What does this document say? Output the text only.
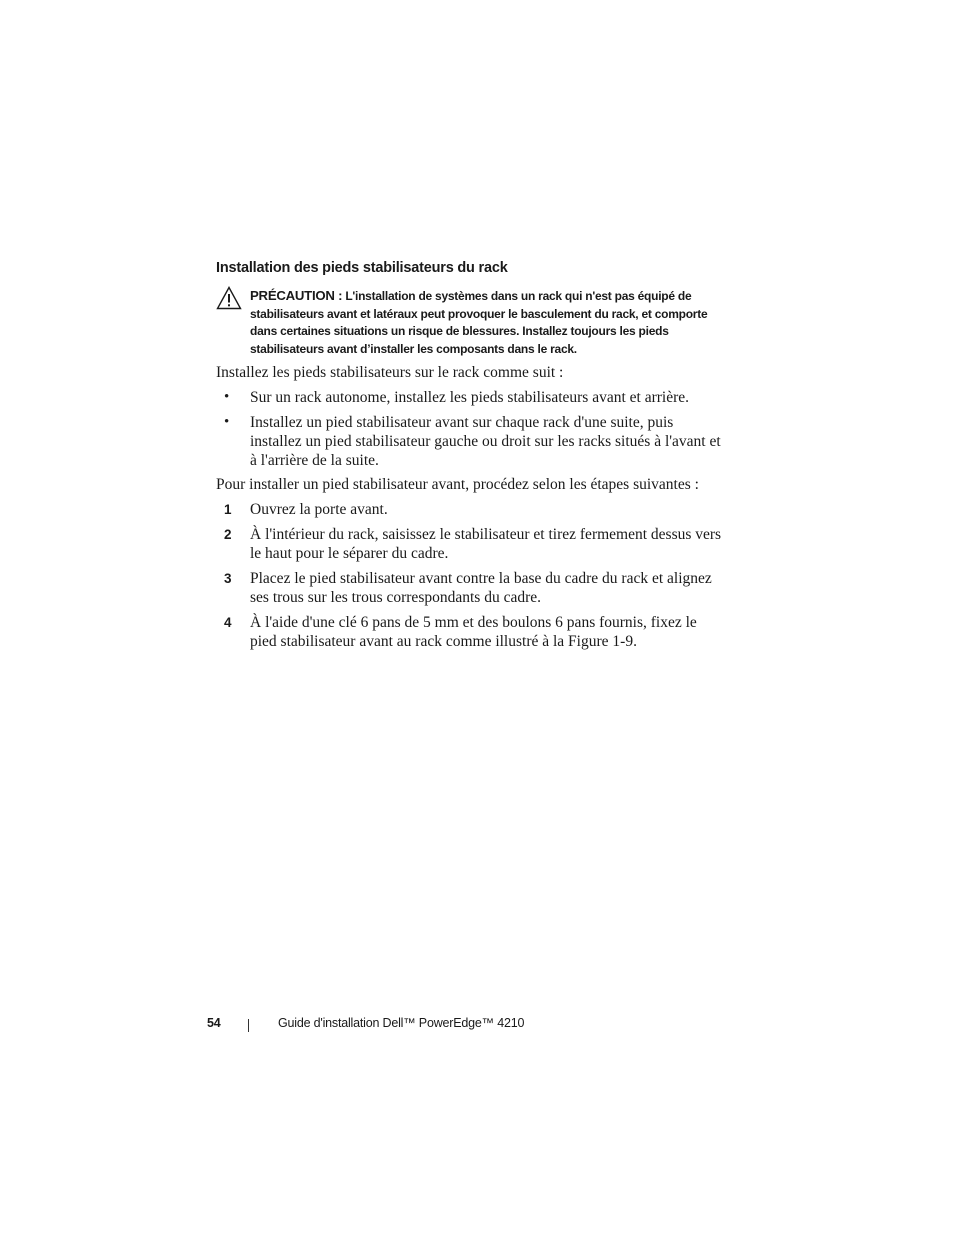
Installation des pieds stabilisateurs du rack
PRÉCAUTION : L'installation de systèmes dans un rack qui n'est pas équipé de stabilisateurs avant et latéraux peut provoquer le basculement du rack, et comporte dans certaines situations un risque de blessures. Installez toujours les pieds stabilisateurs avant d’installer les composants dans le rack.
Installez les pieds stabilisateurs sur le rack comme suit :
• Sur un rack autonome, installez les pieds stabilisateurs avant et arrière.
• Installez un pied stabilisateur avant sur chaque rack d'une suite, puis installez un pied stabilisateur gauche ou droit sur les racks situés à l'avant et à l'arrière de la suite.
Pour installer un pied stabilisateur avant, procédez selon les étapes suivantes :
1 Ouvrez la porte avant.
2 À l'intérieur du rack, saisissez le stabilisateur et tirez fermement dessus vers le haut pour le séparer du cadre.
3 Placez le pied stabilisateur avant contre la base du cadre du rack et alignez ses trous sur les trous correspondants du cadre.
4 À l'aide d'une clé 6 pans de 5 mm et des boulons 6 pans fournis, fixez le pied stabilisateur avant au rack comme illustré à la Figure 1-9.
54	Guide d'installation Dell™ PowerEdge™ 4210
